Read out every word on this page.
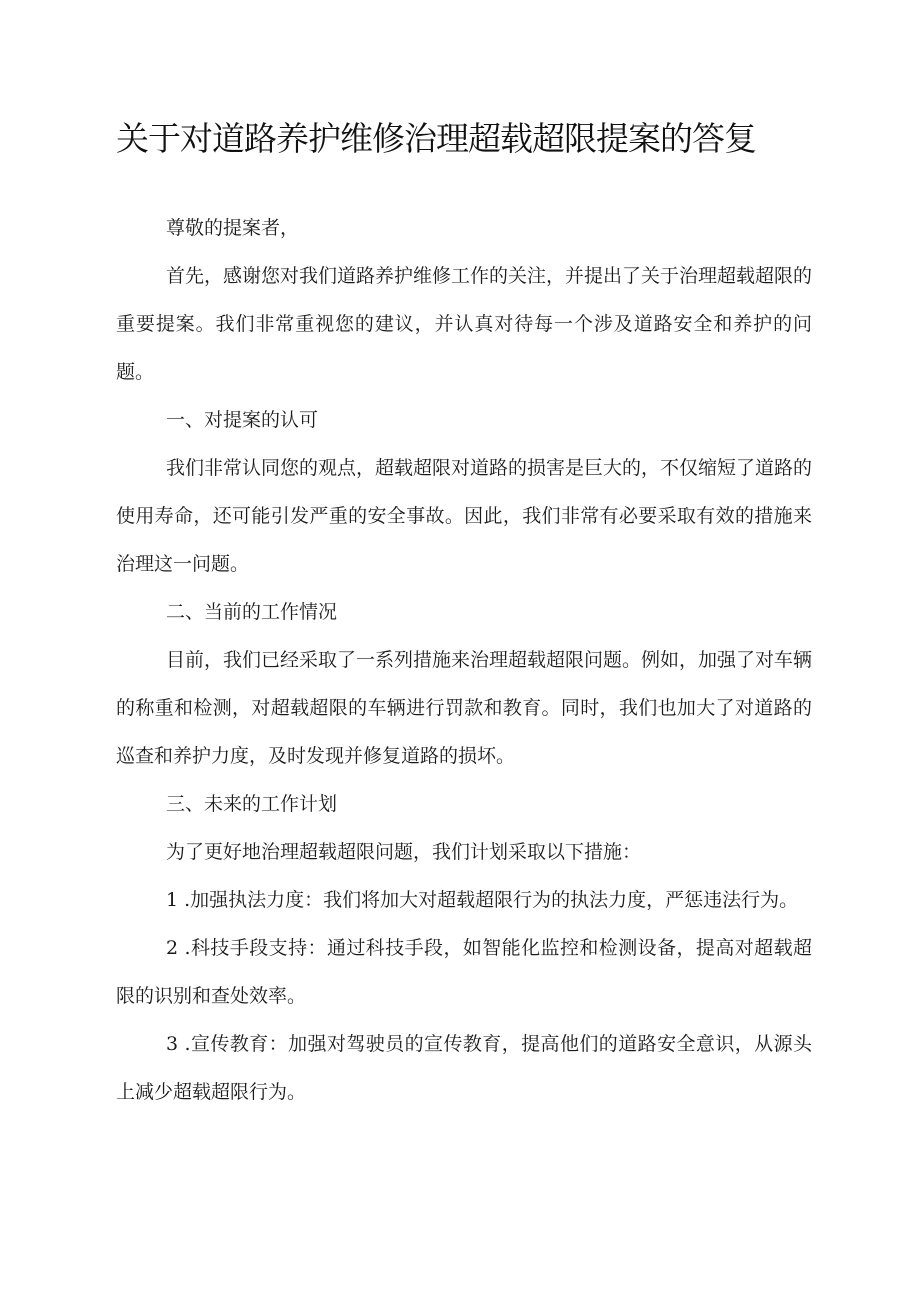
关于对道路养护维修治理超载超限提案的答复

尊敬的提案者，

首先，感谢您对我们道路养护维修工作的关注，并提出了关于治理超载超限的重要提案。我们非常重视您的建议，并认真对待每一个涉及道路安全和养护的问题。

一、对提案的认可

我们非常认同您的观点，超载超限对道路的损害是巨大的，不仅缩短了道路的使用寿命，还可能引发严重的安全事故。因此，我们非常有必要采取有效的措施来治理这一问题。

二、当前的工作情况

目前，我们已经采取了一系列措施来治理超载超限问题。例如，加强了对车辆的称重和检测，对超载超限的车辆进行罚款和教育。同时，我们也加大了对道路的巡查和养护力度，及时发现并修复道路的损坏。

三、未来的工作计划

为了更好地治理超载超限问题，我们计划采取以下措施：

1 .加强执法力度：我们将加大对超载超限行为的执法力度，严惩违法行为。

2 .科技手段支持：通过科技手段，如智能化监控和检测设备，提高对超载超限的识别和查处效率。

3 .宣传教育：加强对驾驶员的宣传教育，提高他们的道路安全意识，从源头上减少超载超限行为。
